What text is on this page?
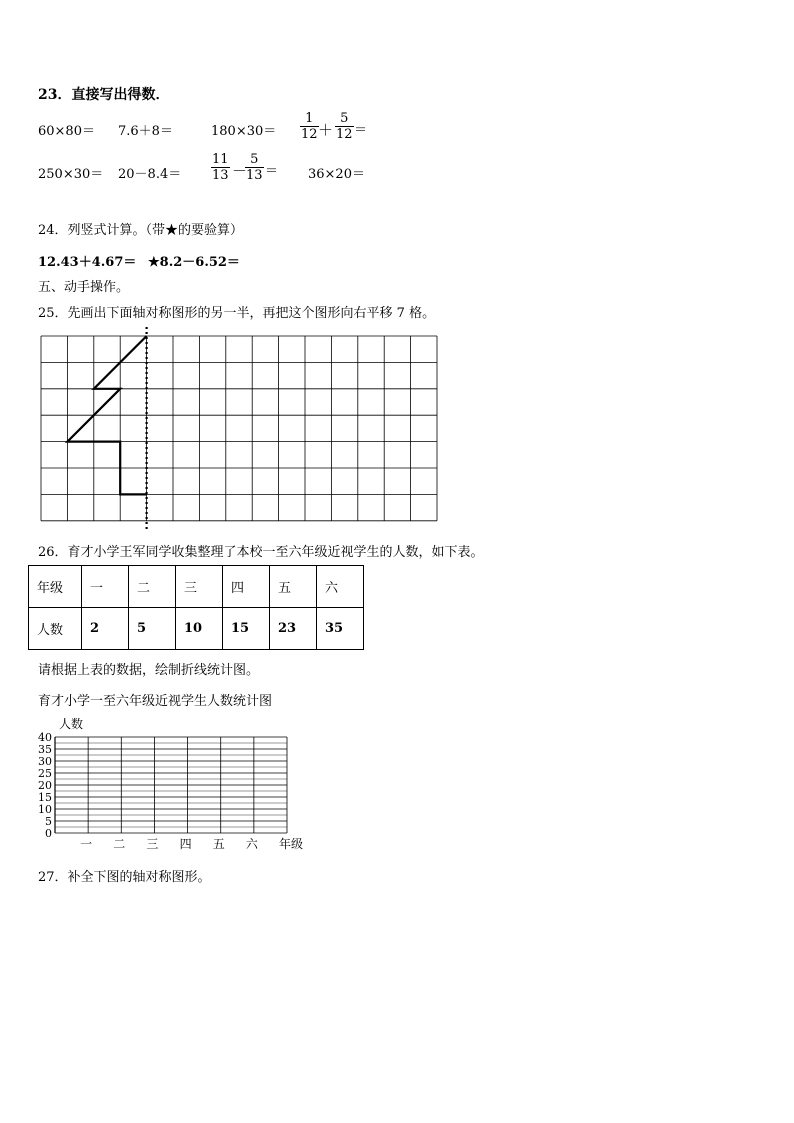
23．直接写出得数．
60×80＝ 7.6＋8＝	$180\times 30= \frac{1}{12} + \frac{5}{12}$ ＝
$250\times 30= 20-8.4= \frac{11}{13}$ －
$\frac{5}{13} = 36\times 20=$
24．列竖式计算。（带★的要验算）
12.43＋4.67＝ ★8.2－6.52＝
五、动手操作。
25．先画出下面轴对称图形的另一半，再把这个图形向右平移 7 格。
26．育才小学王军同学收集整理了本校一至六年级近视学生的人数，如下表。
年级	一	二	三	四	五	六
人数	2	5	10	15	23	35
请根据上表的数据，绘制折线统计图。
育才小学一至六年级近视学生人数统计图
0
5
10
15
20
25
30
35
40
人数
一 二 三 四 五 六 年级
27．补全下图的轴对称图形。
